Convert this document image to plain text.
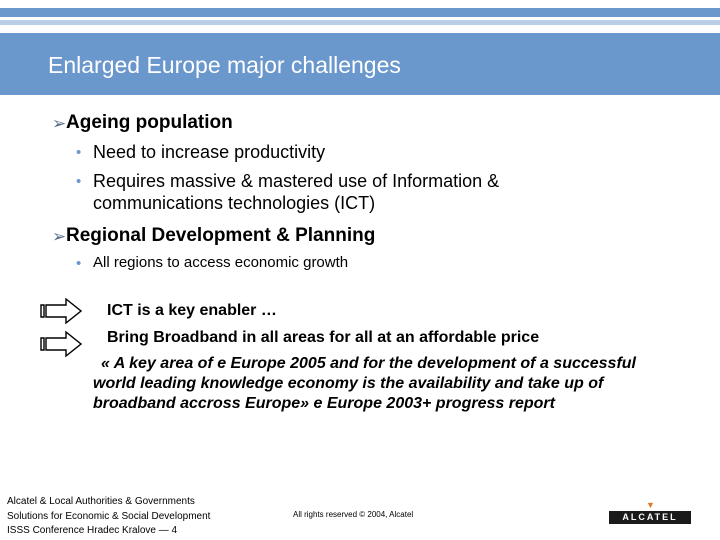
Enlarged Europe major challenges
➢ Ageing population
• Need to increase productivity
• Requires massive & mastered use of Information &
communications technologies (ICT)
➢ Regional Development & Planning
• All regions to access economic growth
ICT is a key enabler …
Bring Broadband in all areas for all at an affordable price
« A key area of e Europe 2005 and for the development of a successful
world leading knowledge economy is the availability and take up of
broadband accross Europe» e Europe 2003+ progress report
Alcatel & Local Authorities & Governments
Solutions for Economic & Social Development
ISSS Conference Hradec Kralove — 4
All rights reserved © 2004, Alcatel
▼
ALCATEL
